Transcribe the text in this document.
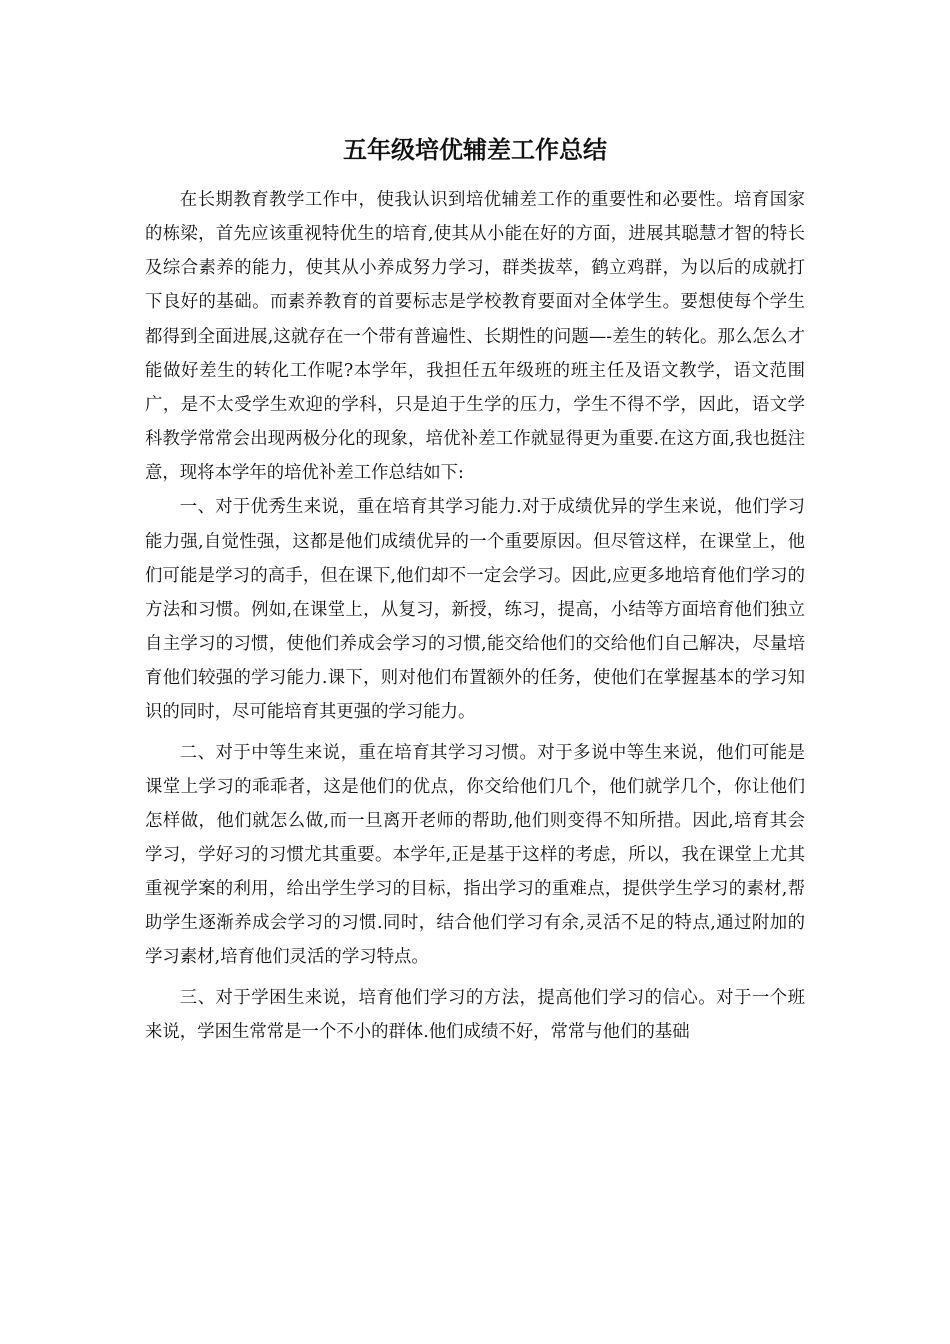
五年级培优辅差工作总结

在长期教育教学工作中，使我认识到培优辅差工作的重要性和必要性。培育国家的栋梁，首先应该重视特优生的培育,使其从小能在好的方面，进展其聪慧才智的特长及综合素养的能力，使其从小养成努力学习，群类拔萃，鹤立鸡群，为以后的成就打下良好的基础。而素养教育的首要标志是学校教育要面对全体学生。要想使每个学生都得到全面进展,这就存在一个带有普遍性、长期性的问题—-差生的转化。那么怎么才能做好差生的转化工作呢?本学年，我担任五年级班的班主任及语文教学，语文范围广，是不太受学生欢迎的学科，只是迫于生学的压力，学生不得不学，因此，语文学科教学常常会出现两极分化的现象，培优补差工作就显得更为重要.在这方面,我也挺注意，现将本学年的培优补差工作总结如下:

一、对于优秀生来说，重在培育其学习能力.对于成绩优异的学生来说，他们学习能力强,自觉性强，这都是他们成绩优异的一个重要原因。但尽管这样，在课堂上，他们可能是学习的高手，但在课下,他们却不一定会学习。因此,应更多地培育他们学习的方法和习惯。例如,在课堂上，从复习，新授，练习，提高，小结等方面培育他们独立自主学习的习惯，使他们养成会学习的习惯,能交给他们的交给他们自己解决，尽量培育他们较强的学习能力.课下，则对他们布置额外的任务，使他们在掌握基本的学习知识的同时，尽可能培育其更强的学习能力。

二、对于中等生来说，重在培育其学习习惯。对于多说中等生来说，他们可能是课堂上学习的乖乖者，这是他们的优点，你交给他们几个，他们就学几个，你让他们怎样做，他们就怎么做,而一旦离开老师的帮助,他们则变得不知所措。因此,培育其会学习，学好习的习惯尤其重要。本学年,正是基于这样的考虑，所以，我在课堂上尤其重视学案的利用，给出学生学习的目标，指出学习的重难点，提供学生学习的素材,帮助学生逐渐养成会学习的习惯.同时，结合他们学习有余,灵活不足的特点,通过附加的学习素材,培育他们灵活的学习特点。

三、对于学困生来说，培育他们学习的方法，提高他们学习的信心。对于一个班来说，学困生常常是一个不小的群体.他们成绩不好，常常与他们的基础
